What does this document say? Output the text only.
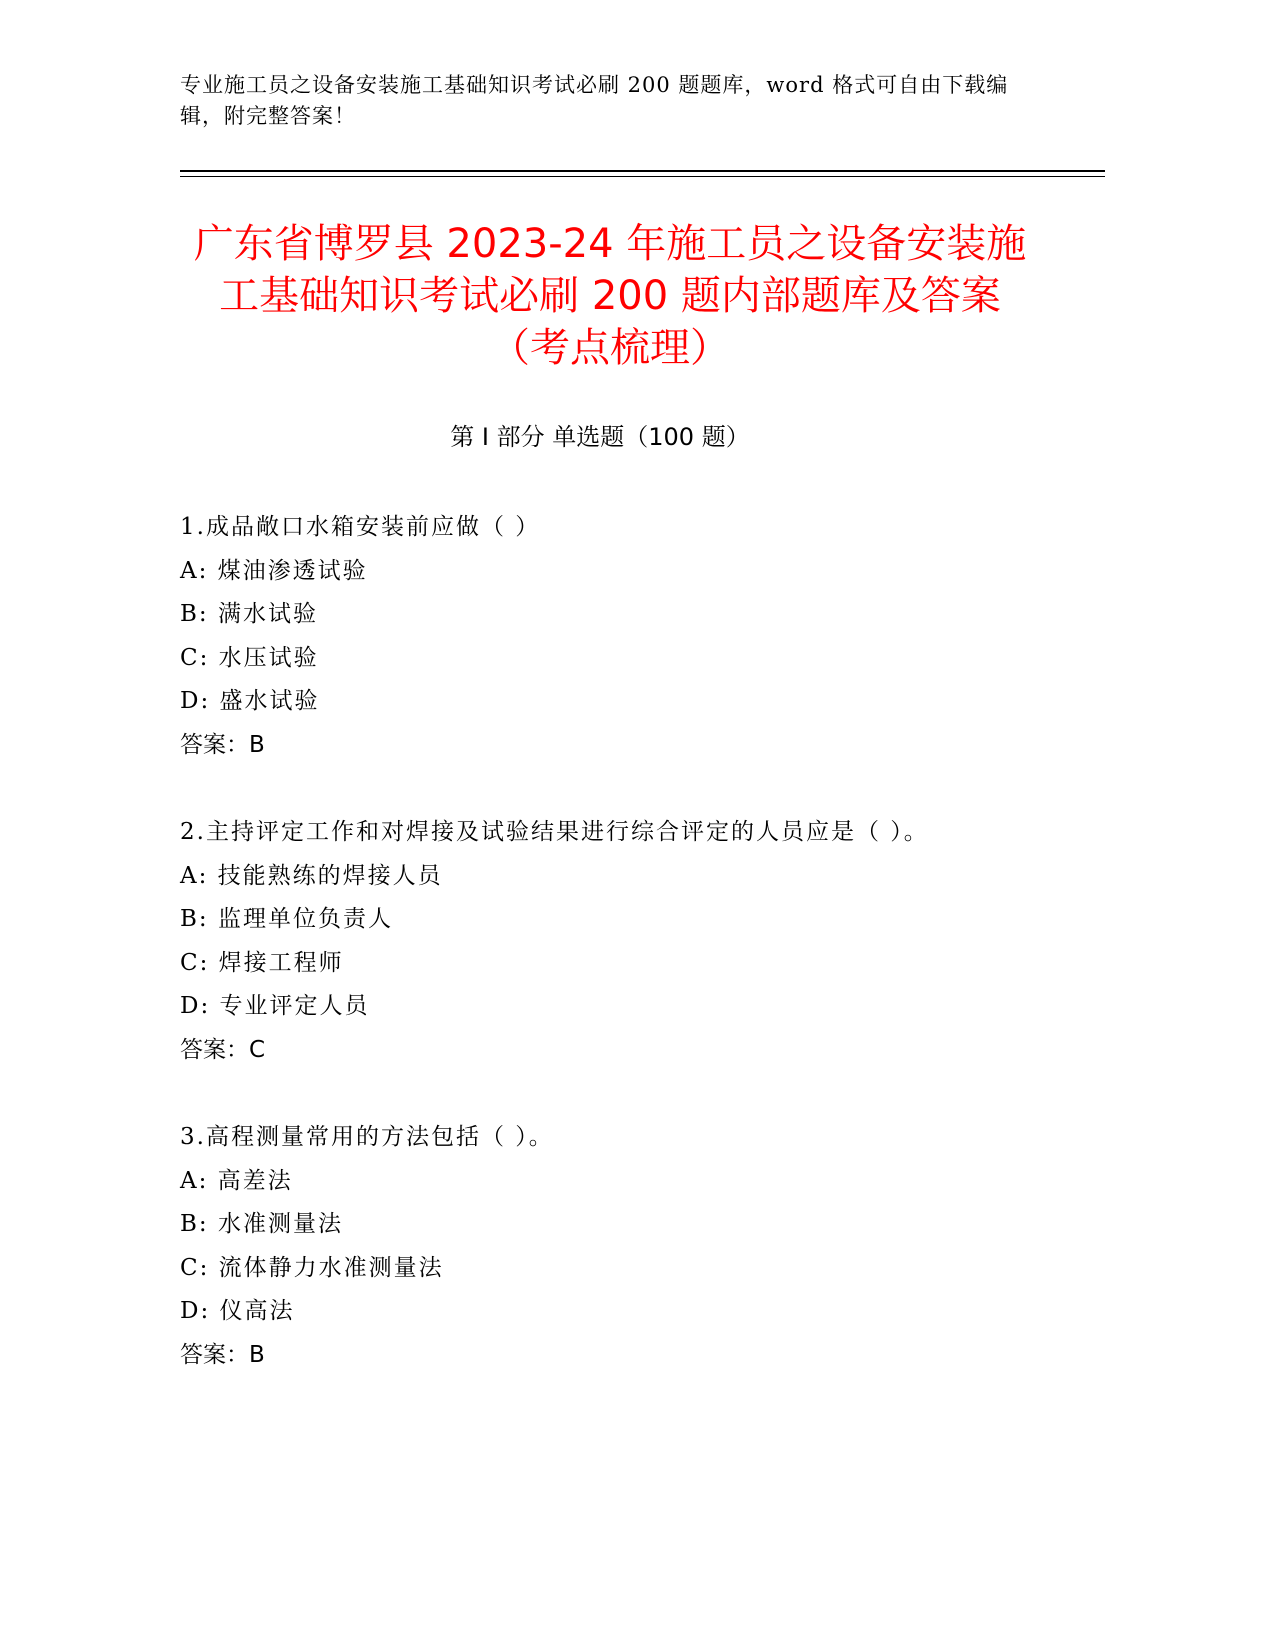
专业施工员之设备安装施工基础知识考试必刷 200 题题库，word 格式可自由下载编辑，附完整答案！
广东省博罗县 2023-24 年施工员之设备安装施工基础知识考试必刷 200 题内部题库及答案（考点梳理）
第 I 部分 单选题（100 题）
1.成品敞口水箱安装前应做（ ）
A: 煤油渗透试验
B: 满水试验
C: 水压试验
D: 盛水试验
答案：B
2.主持评定工作和对焊接及试验结果进行综合评定的人员应是（ ）。
A: 技能熟练的焊接人员
B: 监理单位负责人
C: 焊接工程师
D: 专业评定人员
答案：C
3.高程测量常用的方法包括（ ）。
A: 高差法
B: 水准测量法
C: 流体静力水准测量法
D: 仪高法
答案：B
